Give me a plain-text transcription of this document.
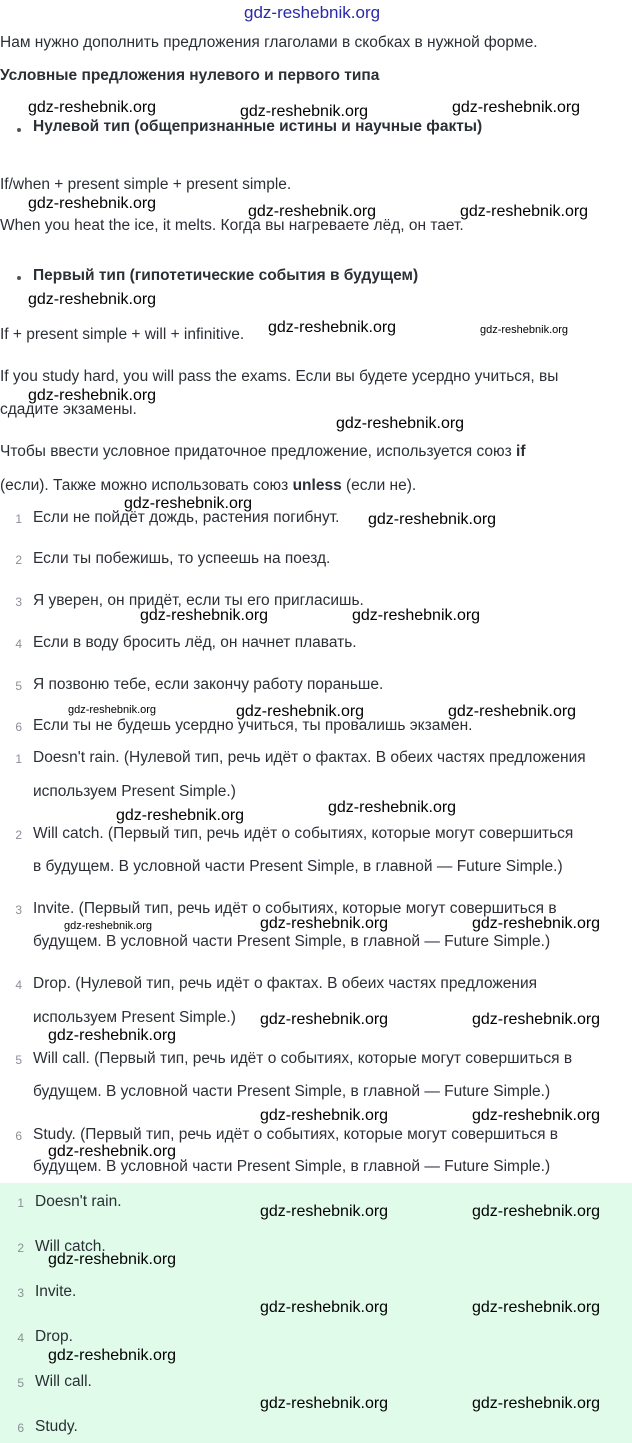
gdz-reshebnik.org
Нам нужно дополнить предложения глаголами в скобках в нужной форме.
Условные предложения нулевого и первого типа
Нулевой тип (общепризнанные истины и научные факты)
If/when + present simple + present simple.
When you heat the ice, it melts. Когда вы нагреваете лёд, он тает.
Первый тип (гипотетические события в будущем)
If + present simple + will + infinitive.
If you study hard, you will pass the exams. Если вы будете усердно учиться, вы
сдадите экзамены.
Чтобы ввести условное придаточное предложение, используется союз if
(если). Также можно использовать союз unless (если не).
1 Если не пойдёт дождь, растения погибнут.
2 Если ты побежишь, то успеешь на поезд.
3 Я уверен, он придёт, если ты его пригласишь.
4 Если в воду бросить лёд, он начнет плавать.
5 Я позвоню тебе, если закончу работу пораньше.
6 Если ты не будешь усердно учиться, ты провалишь экзамен.
1 Doesn't rain. (Нулевой тип, речь идёт о фактах. В обеих частях предложения
используем Present Simple.)
2 Will catch. (Первый тип, речь идёт о событиях, которые могут совершиться
в будущем. В условной части Present Simple, в главной — Future Simple.)
3 Invite. (Первый тип, речь идёт о событиях, которые могут совершиться в
будущем. В условной части Present Simple, в главной — Future Simple.)
4 Drop. (Нулевой тип, речь идёт о фактах. В обеих частях предложения
используем Present Simple.)
5 Will call. (Первый тип, речь идёт о событиях, которые могут совершиться в
будущем. В условной части Present Simple, в главной — Future Simple.)
6 Study. (Первый тип, речь идёт о событиях, которые могут совершиться в
будущем. В условной части Present Simple, в главной — Future Simple.)
1 Doesn't rain.
2 Will catch.
3 Invite.
4 Drop.
5 Will call.
6 Study.
gdz-reshebnik.org	gdz-reshebnik.org	gdz-reshebnik.org
gdz-reshebnik.org	gdz-reshebnik.org	gdz-reshebnik.org
gdz-reshebnik.org
gdz-reshebnik.org	gdz-reshebnik.org
gdz-reshebnik.org
gdz-reshebnik.org
gdz-reshebnik.org
gdz-reshebnik.org
gdz-reshebnik.org	gdz-reshebnik.org
gdz-reshebnik.org	gdz-reshebnik.org	gdz-reshebnik.org
gdz-reshebnik.org	gdz-reshebnik.org
gdz-reshebnik.org	gdz-reshebnik.org	gdz-reshebnik.org
gdz-reshebnik.org	gdz-reshebnik.org
gdz-reshebnik.org
gdz-reshebnik.org	gdz-reshebnik.org
gdz-reshebnik.org
gdz-reshebnik.org	gdz-reshebnik.org
gdz-reshebnik.org
gdz-reshebnik.org	gdz-reshebnik.org
gdz-reshebnik.org
gdz-reshebnik.org	gdz-reshebnik.org
